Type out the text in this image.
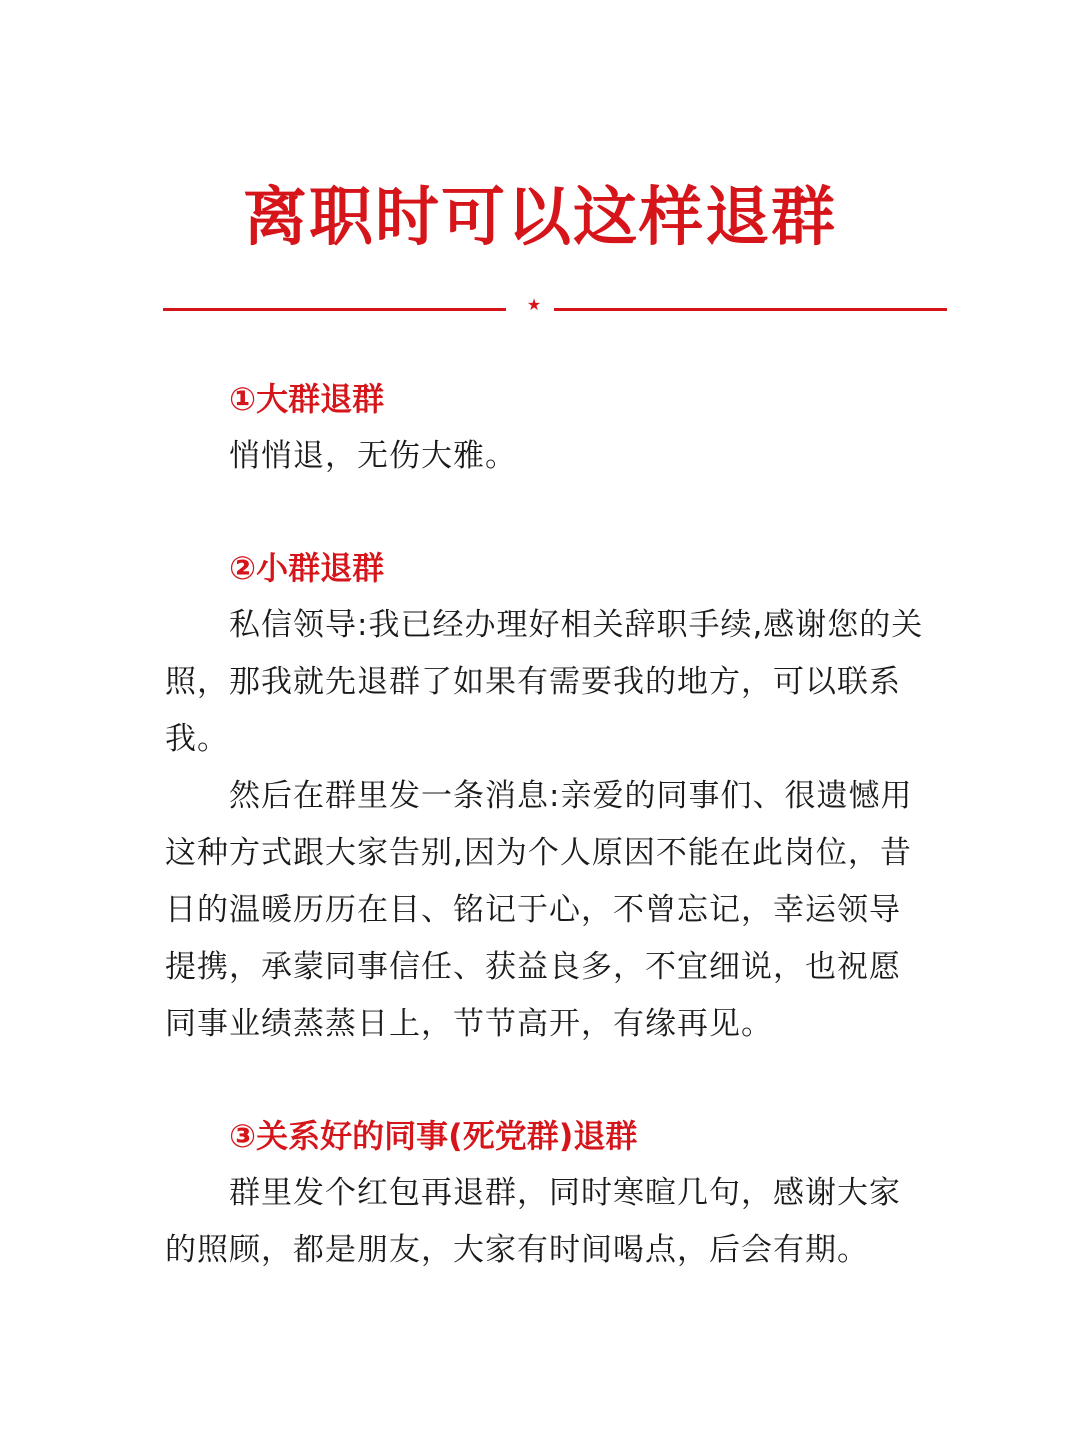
离职时可以这样退群
★
①大群退群

悄悄退，无伤大雅。

②小群退群

私信领导:我已经办理好相关辞职手续,感谢您的关照，那我就先退群了如果有需要我的地方，可以联系我。

然后在群里发一条消息:亲爱的同事们、很遗憾用这种方式跟大家告别,因为个人原因不能在此岗位，昔日的温暖历历在目、铭记于心，不曾忘记，幸运领导提携，承蒙同事信任、获益良多，不宜细说，也祝愿同事业绩蒸蒸日上，节节高开，有缘再见。

③关系好的同事(死党群)退群

群里发个红包再退群，同时寒暄几句，感谢大家的照顾，都是朋友，大家有时间喝点，后会有期。
